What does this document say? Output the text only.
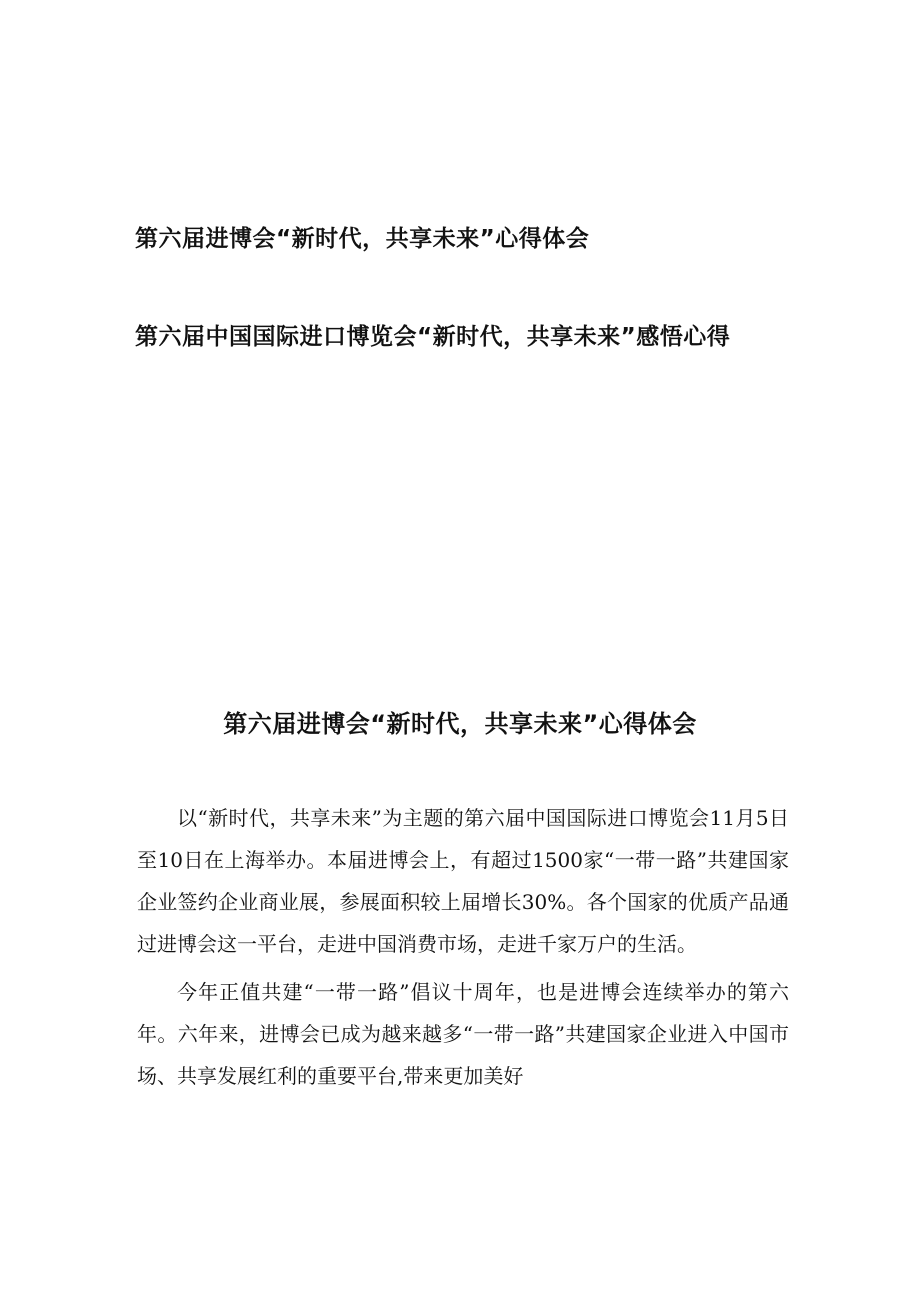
第六届进博会“新时代，共享未来”心得体会
第六届中国国际进口博览会“新时代，共享未来”感悟心得
第六届进博会“新时代，共享未来”心得体会

以“新时代，共享未来”为主题的第六届中国国际进口博览会11月5日至10日在上海举办。本届进博会上，有超过1500家“一带一路”共建国家企业签约企业商业展，参展面积较上届增长30%。各个国家的优质产品通过进博会这一平台，走进中国消费市场，走进千家万户的生活。

今年正值共建“一带一路”倡议十周年，也是进博会连续举办的第六年。六年来，进博会已成为越来越多“一带一路”共建国家企业进入中国市场、共享发展红利的重要平台,带来更加美好
